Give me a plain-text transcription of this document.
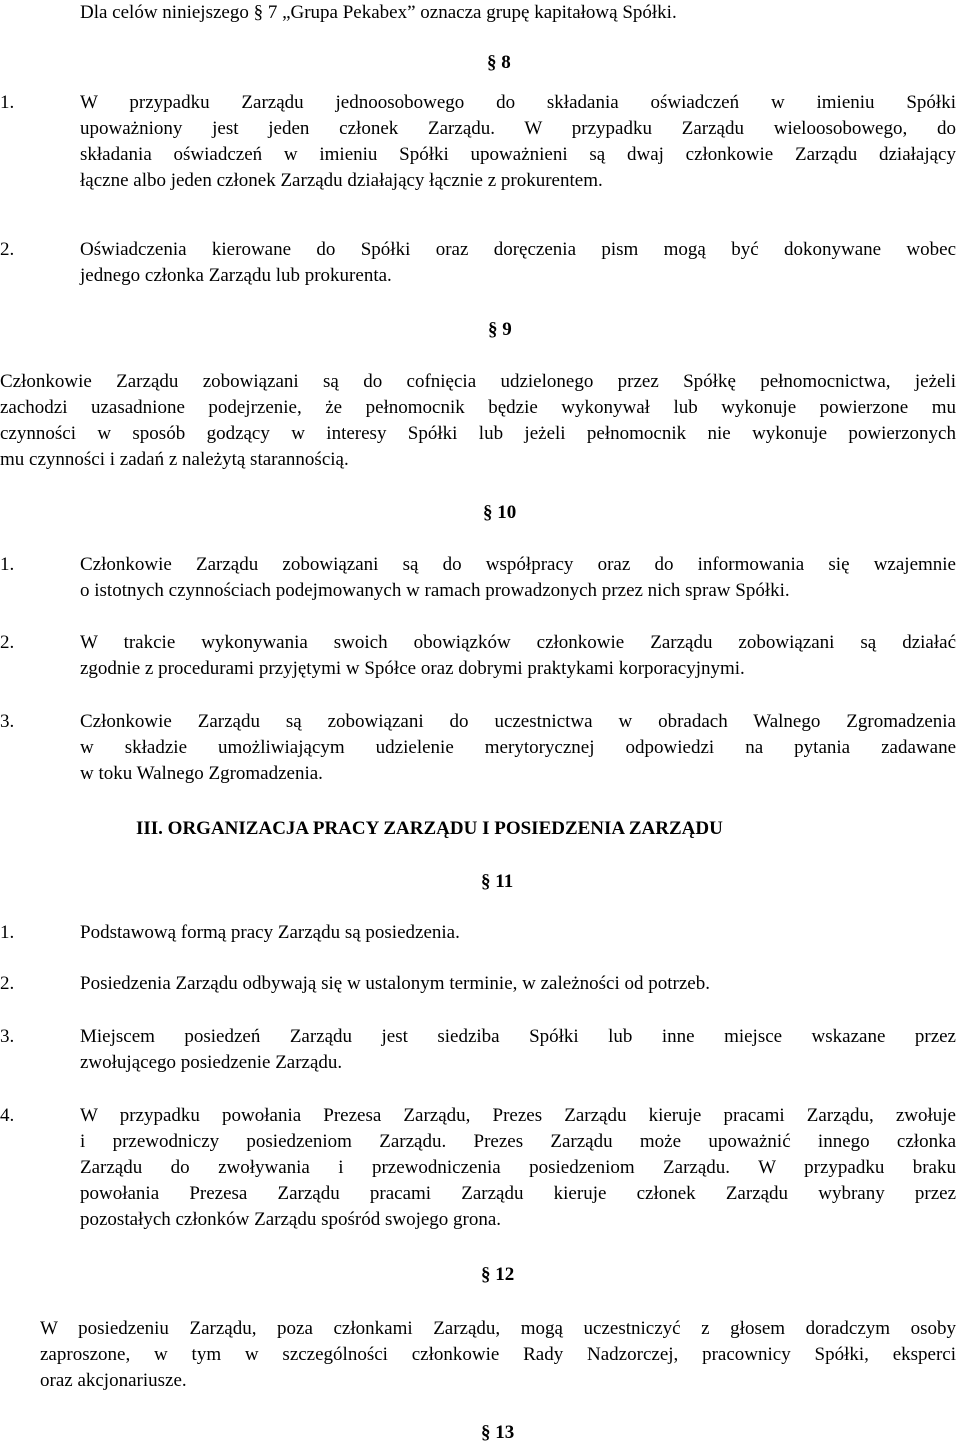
Dla celów niniejszego § 7 „Grupa Pekabex” oznacza grupę kapitałową Spółki.
§ 8
1.	W przypadku Zarządu jednoosobowego do składania oświadczeń w imieniu Spółki
upoważniony jest jeden członek Zarządu. W przypadku Zarządu wieloosobowego, do
składania oświadczeń w imieniu Spółki upoważnieni są dwaj członkowie Zarządu działający
łączne albo jeden członek Zarządu działający łącznie z prokurentem.
2.	Oświadczenia kierowane do Spółki oraz doręczenia pism mogą być dokonywane wobec
jednego członka Zarządu lub prokurenta.
§ 9
Członkowie Zarządu zobowiązani są do cofnięcia udzielonego przez Spółkę pełnomocnictwa, jeżeli
zachodzi uzasadnione podejrzenie, że pełnomocnik będzie wykonywał lub wykonuje powierzone mu
czynności w sposób godzący w interesy Spółki lub jeżeli pełnomocnik nie wykonuje powierzonych
mu czynności i zadań z należytą starannością.
§ 10
1.	Członkowie Zarządu zobowiązani są do współpracy oraz do informowania się wzajemnie
o istotnych czynnościach podejmowanych w ramach prowadzonych przez nich spraw Spółki.
2.	W trakcie wykonywania swoich obowiązków członkowie Zarządu zobowiązani są działać
zgodnie z procedurami przyjętymi w Spółce oraz dobrymi praktykami korporacyjnymi.
3.	Członkowie Zarządu są zobowiązani do uczestnictwa w obradach Walnego Zgromadzenia
w składzie umożliwiającym udzielenie merytorycznej odpowiedzi na pytania zadawane
w toku Walnego Zgromadzenia.
III. ORGANIZACJA PRACY ZARZĄDU I POSIEDZENIA ZARZĄDU
§ 11
1.	Podstawową formą pracy Zarządu są posiedzenia.
2.	Posiedzenia Zarządu odbywają się w ustalonym terminie, w zależności od potrzeb.
3.	Miejscem posiedzeń Zarządu jest siedziba Spółki lub inne miejsce wskazane przez
zwołującego posiedzenie Zarządu.
4.	W przypadku powołania Prezesa Zarządu, Prezes Zarządu kieruje pracami Zarządu, zwołuje
i przewodniczy posiedzeniom Zarządu. Prezes Zarządu może upoważnić innego członka
Zarządu do zwoływania i przewodniczenia posiedzeniom Zarządu. W przypadku braku
powołania Prezesa Zarządu pracami Zarządu kieruje członek Zarządu wybrany przez
pozostałych członków Zarządu spośród swojego grona.
§ 12
W posiedzeniu Zarządu, poza członkami Zarządu, mogą uczestniczyć z głosem doradczym osoby
zaproszone, w tym w szczególności członkowie Rady Nadzorczej, pracownicy Spółki, eksperci
oraz akcjonariusze.
§ 13
